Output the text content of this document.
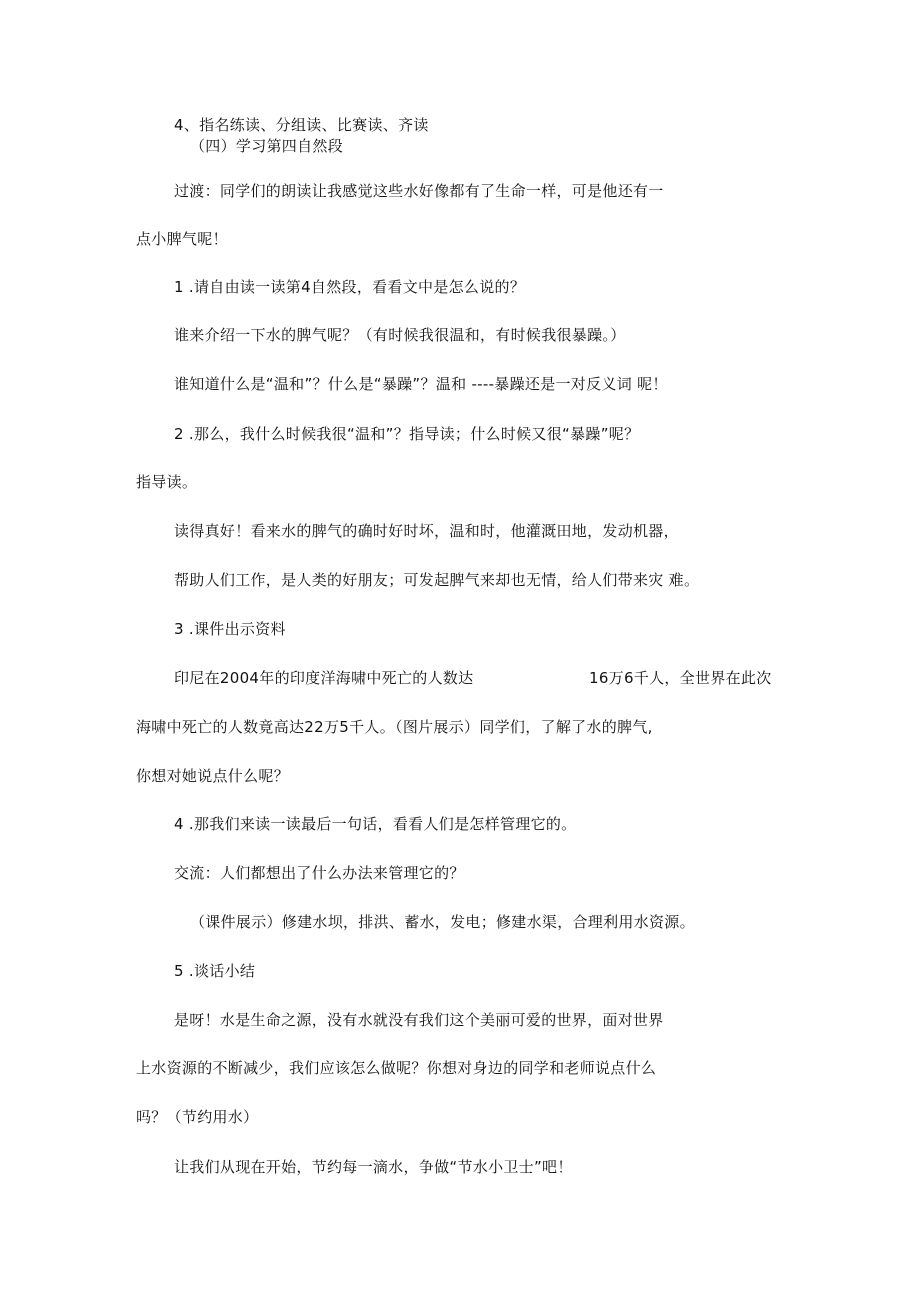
4、指名练读、分组读、比赛读、齐读

（四）学习第四自然段

过渡：同学们的朗读让我感觉这些水好像都有了生命一样，可是他还有一

点小脾气呢！

1 .请自由读一读第4自然段，看看文中是怎么说的？

谁来介绍一下水的脾气呢？（有时候我很温和，有时候我很暴躁。）

谁知道什么是“温和”？什么是“暴躁”？温和 ----暴躁还是一对反义词 呢！

2 .那么，我什么时候我很“温和”？指导读；什么时候又很“暴躁”呢？

指导读。

读得真好！看来水的脾气的确时好时坏，温和时，他灌溉田地，发动机器，

帮助人们工作，是人类的好朋友；可发起脾气来却也无情，给人们带来灾 难。

3 .课件出示资料

印尼在2004年的印度洋海啸中死亡的人数达	16万6千人，全世界在此次

海啸中死亡的人数竟高达22万5千人。（图片展示）同学们，了解了水的脾气,

你想对她说点什么呢？

4 .那我们来读一读最后一句话，看看人们是怎样管理它的。

交流：人们都想出了什么办法来管理它的？

（课件展示）修建水坝，排洪、蓄水，发电；修建水渠，合理利用水资源。

5 .谈话小结

是呀！水是生命之源，没有水就没有我们这个美丽可爱的世界，面对世界

上水资源的不断减少，我们应该怎么做呢？你想对身边的同学和老师说点什么

吗？（节约用水）

让我们从现在开始，节约每一滴水，争做“节水小卫士”吧！
